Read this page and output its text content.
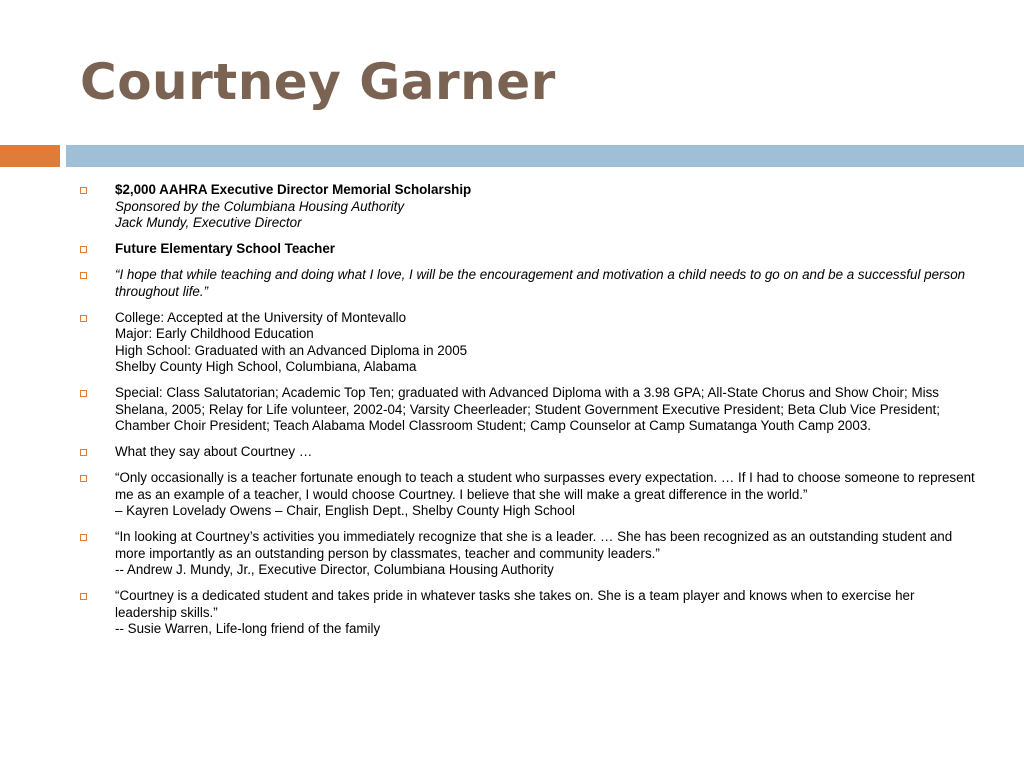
Courtney Garner
$2,000 AAHRA Executive Director Memorial Scholarship
Sponsored by the Columbiana Housing Authority
Jack Mundy, Executive Director
Future Elementary School Teacher
“I hope that while teaching and doing what I love, I will be the encouragement and motivation a child needs to go on and be a successful person throughout life.”
College: Accepted at the University of Montevallo
Major: Early Childhood Education
High School: Graduated with an Advanced Diploma in 2005
Shelby County High School, Columbiana, Alabama
Special: Class Salutatorian; Academic Top Ten; graduated with Advanced Diploma with a 3.98 GPA; All-State Chorus and Show Choir; Miss Shelana, 2005; Relay for Life volunteer, 2002-04; Varsity Cheerleader; Student Government Executive President; Beta Club Vice President; Chamber Choir President; Teach Alabama Model Classroom Student; Camp Counselor at Camp Sumatanga Youth Camp 2003.
What they say about Courtney …
“Only occasionally is a teacher fortunate enough to teach a student who surpasses every expectation. … If I had to choose someone to represent me as an example of a teacher, I would choose Courtney. I believe that she will make a great difference in the world.”
– Kayren Lovelady Owens – Chair, English Dept., Shelby County High School
“In looking at Courtney’s activities you immediately recognize that she is a leader. … She has been recognized as an outstanding student and more importantly as an outstanding person by classmates, teacher and community leaders.”
-- Andrew J. Mundy, Jr., Executive Director, Columbiana Housing Authority
“Courtney is a dedicated student and takes pride in whatever tasks she takes on. She is a team player and knows when to exercise her leadership skills.”
-- Susie Warren, Life-long friend of the family
